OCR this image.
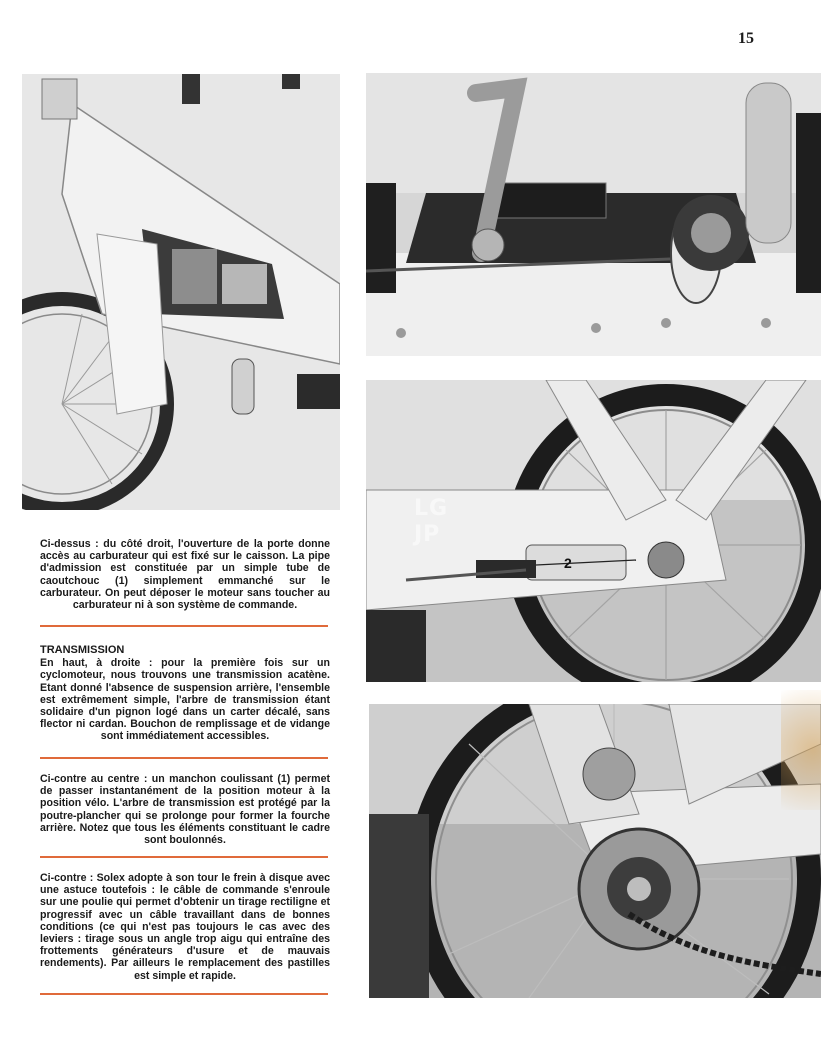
15
2
LG
JP
Ci-dessus : du côté droit, l'ouverture de la porte donne accès au carburateur qui est fixé sur le caisson. La pipe d'admission est constituée par un simple tube de caoutchouc (1) simplement emmanché sur le carburateur. On peut déposer le moteur sans toucher au carburateur ni à son système de commande.
TRANSMISSION
En haut, à droite : pour la première fois sur un cyclomoteur, nous trouvons une transmission acatène. Etant donné l'absence de suspension arrière, l'ensemble est extrêmement simple, l'arbre de transmission étant solidaire d'un pignon logé dans un carter décalé, sans flector ni cardan. Bouchon de remplissage et de vidange sont immédiatement accessibles.
Ci-contre au centre : un manchon coulissant (1) permet de passer instantanément de la position moteur à la position vélo. L'arbre de transmission est protégé par la poutre-plancher qui se prolonge pour former la fourche arrière. Notez que tous les éléments constituant le cadre sont boulonnés.
Ci-contre : Solex adopte à son tour le frein à disque avec une astuce toutefois : le câble de commande s'enroule sur une poulie qui permet d'obtenir un tirage rectiligne et progressif avec un câble travaillant dans de bonnes conditions (ce qui n'est pas toujours le cas avec des leviers : tirage sous un angle trop aigu qui entraîne des frottements générateurs d'usure et de mauvais rendements). Par ailleurs le remplacement des pastilles est simple et rapide.
